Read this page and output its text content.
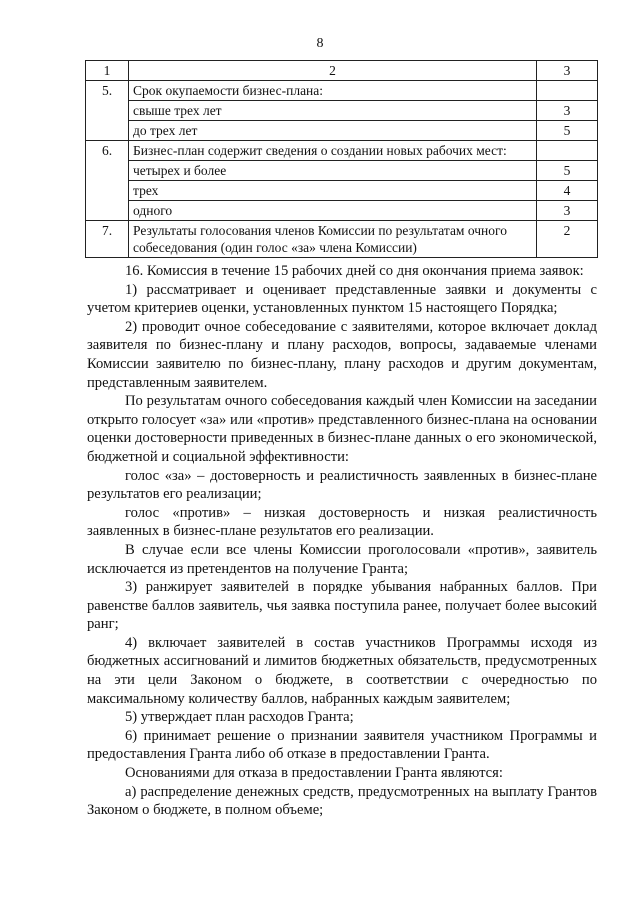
8
1	2	3
5.	Срок окупаемости бизнес-плана:	
	свыше трех лет	3
	до трех лет	5
6.	Бизнес-план содержит сведения о создании новых рабочих мест:	
	четырех и более	5
	трех	4
	одного	3
7.	Результаты голосования членов Комиссии по результатам очного собеседования (один голос «за» члена Комиссии)	2

16. Комиссия в течение 15 рабочих дней со дня окончания приема заявок:

1) рассматривает и оценивает представленные заявки и документы с учетом критериев оценки, установленных пунктом 15 настоящего Порядка;

2) проводит очное собеседование с заявителями, которое включает доклад заявителя по бизнес-плану и плану расходов, вопросы, задаваемые членами Комиссии заявителю по бизнес-плану, плану расходов и другим документам, представленным заявителем.

По результатам очного собеседования каждый член Комиссии на заседании открыто голосует «за» или «против» представленного бизнес-плана на основании оценки достоверности приведенных в бизнес-плане данных о его экономической, бюджетной и социальной эффективности:

голос «за» – достоверность и реалистичность заявленных в бизнес-плане результатов его реализации;

голос «против» – низкая достоверность и низкая реалистичность заявленных в бизнес-плане результатов его реализации.

В случае если все члены Комиссии проголосовали «против», заявитель исключается из претендентов на получение Гранта;

3) ранжирует заявителей в порядке убывания набранных баллов. При равенстве баллов заявитель, чья заявка поступила ранее, получает более высокий ранг;

4) включает заявителей в состав участников Программы исходя из бюджетных ассигнований и лимитов бюджетных обязательств, предусмотренных на эти цели Законом о бюджете, в соответствии с очередностью по максимальному количеству баллов, набранных каждым заявителем;

5) утверждает план расходов Гранта;

6) принимает решение о признании заявителя участником Программы и предоставления Гранта либо об отказе в предоставлении Гранта.

Основаниями для отказа в предоставлении Гранта являются:

а) распределение денежных средств, предусмотренных на выплату Грантов Законом о бюджете, в полном объеме;
